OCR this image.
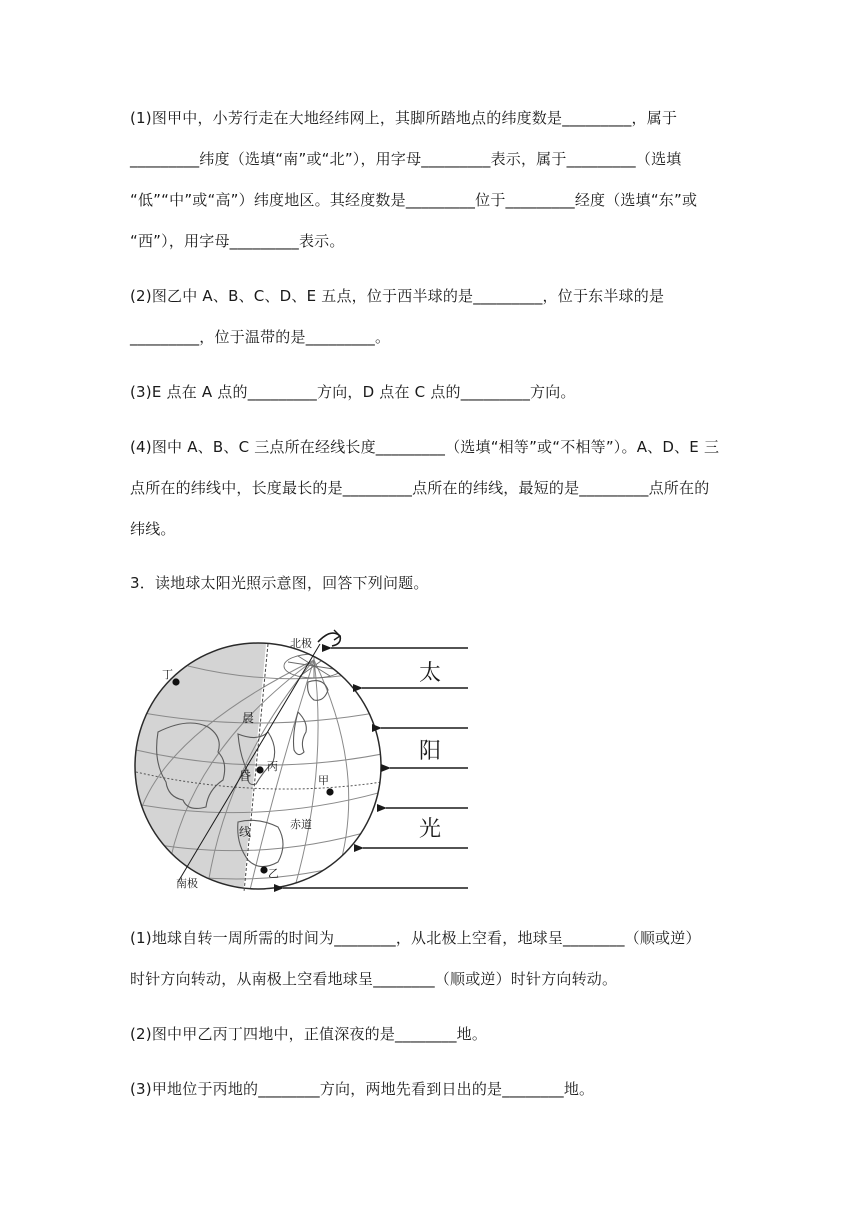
(1)图甲中，小芳行走在大地经纬网上，其脚所踏地点的纬度数是_________，属于
_________纬度（选填“南”或“北”），用字母_________表示，属于_________（选填
“低”“中”或“高”）纬度地区。其经度数是_________位于_________经度（选填“东”或
“西”），用字母_________表示。
(2)图乙中 A、B、C、D、E 五点，位于西半球的是_________，位于东半球的是
_________，位于温带的是_________。
(3)E 点在 A 点的_________方向，D 点在 C 点的_________方向。
(4)图中 A、B、C 三点所在经线长度_________（选填“相等”或“不相等”）。A、D、E 三
点所在的纬线中，长度最长的是_________点所在的纬线，最短的是_________点所在的
纬线。
3．读地球太阳光照示意图，回答下列问题。
太
阳
光
北极
南极
晨
昏
线
赤道
甲
乙
丙
丁
(1)地球自转一周所需的时间为________，从北极上空看，地球呈________（顺或逆）
时针方向转动，从南极上空看地球呈________（顺或逆）时针方向转动。
(2)图中甲乙丙丁四地中，正值深夜的是________地。
(3)甲地位于丙地的________方向，两地先看到日出的是________地。
